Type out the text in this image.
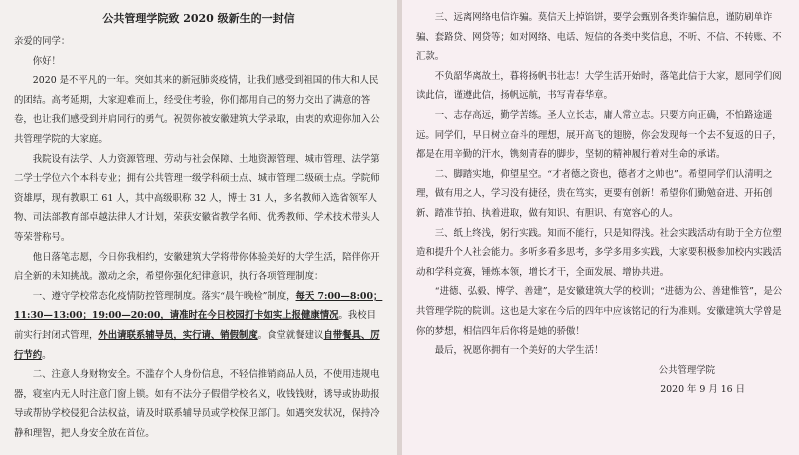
公共管理学院致 2020 级新生的一封信

亲爱的同学：

你好！

2020 是不平凡的一年。突如其来的新冠肺炎疫情，让我们感受到祖国的伟大和人民的团结。高考延期，大家迎难而上，经受住考验，你们都用自己的努力交出了满意的答卷，也让我们感受到并肩同行的勇气。祝贺你被安徽建筑大学录取，由衷的欢迎你加入公共管理学院的大家庭。

我院设有法学、人力资源管理、劳动与社会保障、土地资源管理、城市管理、法学第二学士学位六个本科专业；拥有公共管理一级学科硕士点、城市管理二级硕士点。学院师资雄厚，现有教职工 61 人，其中高级职称 32 人，博士 31 人，多名教师入选省领军人物、司法部教育部卓越法律人才计划，荣获安徽省教学名师、优秀教师、学术技术带头人等荣誉称号。

他日落笔志愿，今日你我相约，安徽建筑大学将带你体验美好的大学生活，陪伴你开启全新的未知挑战。激动之余，希望你强化纪律意识，执行各项管理制度：

一、遵守学校常态化疫情防控管理制度。落实“晨午晚检”制度，每天 7:00—8:00；11:30—13:00；19:00—20:00，请准时在今日校园打卡如实上报健康情况。我校目前实行封闭式管理，外出请联系辅导员，实行请、销假制度。食堂就餐建议自带餐具、厉行节约。

二、注意人身财物安全。不滥存个人身份信息，不轻信推销商品人员，不使用违规电器，寝室内无人时注意门窗上锁。如有不法分子假借学校名义，收钱钱财，诱导或协助报导或帮协学校侵犯合法权益，请及时联系辅导员或学校保卫部门。如遇突发状况，保持冷静和理智，把人身安全放在首位。

三、远离网络电信诈骗。莫信天上掉馅饼，要学会甄别各类诈骗信息，谨防刷单诈骗、套路贷、网贷等；如对网络、电话、短信的各类中奖信息，不听、不信、不转账、不汇款。

不负韶华离故土，暮将扬帆书壮志！大学生活开始时，落笔此信于大家，愿同学们阅读此信，谨遵此信，扬帆远航，书写青春华章。

一、志存高远，勤学苦练。圣人立长志，庸人常立志。只要方向正确，不怕路途遥远。同学们，早日树立奋斗的理想，展开高飞的翅膀，你会发现每一个去不复返的日子，都是在用辛勤的汗水，镌刻青春的脚步，坚韧的精神履行着对生命的承诺。

二、脚踏实地，仰望星空。“才者德之资也，德者才之帅也”。希望同学们认清明之理，做有用之人，学习没有捷径，贵在笃实，更要有创新！希望你们勤勉奋进、开拓创新、踏准节拍、执着进取，做有知识、有胆识、有宽容心的人。

三、纸上终浅，躬行实践。知而不能行，只是知得浅。社会实践活动有助于全方位塑造和提升个人社会能力。多听多看多思考，多学多用多实践，大家要积极参加校内实践活动和学科竞赛，锤炼本领，增长才干，全面发展、增协共进。

“进德、弘毅、博学、善建”，是安徽建筑大学的校训；“进德为公、善建惟管”，是公共管理学院的院训。这也是大家在今后的四年中应该铭记的行为准则。安徽建筑大学曾是你的梦想，相信四年后你将是她的骄傲！

最后，祝愿你拥有一个美好的大学生活！

公共管理学院

2020 年 9 月 16 日
